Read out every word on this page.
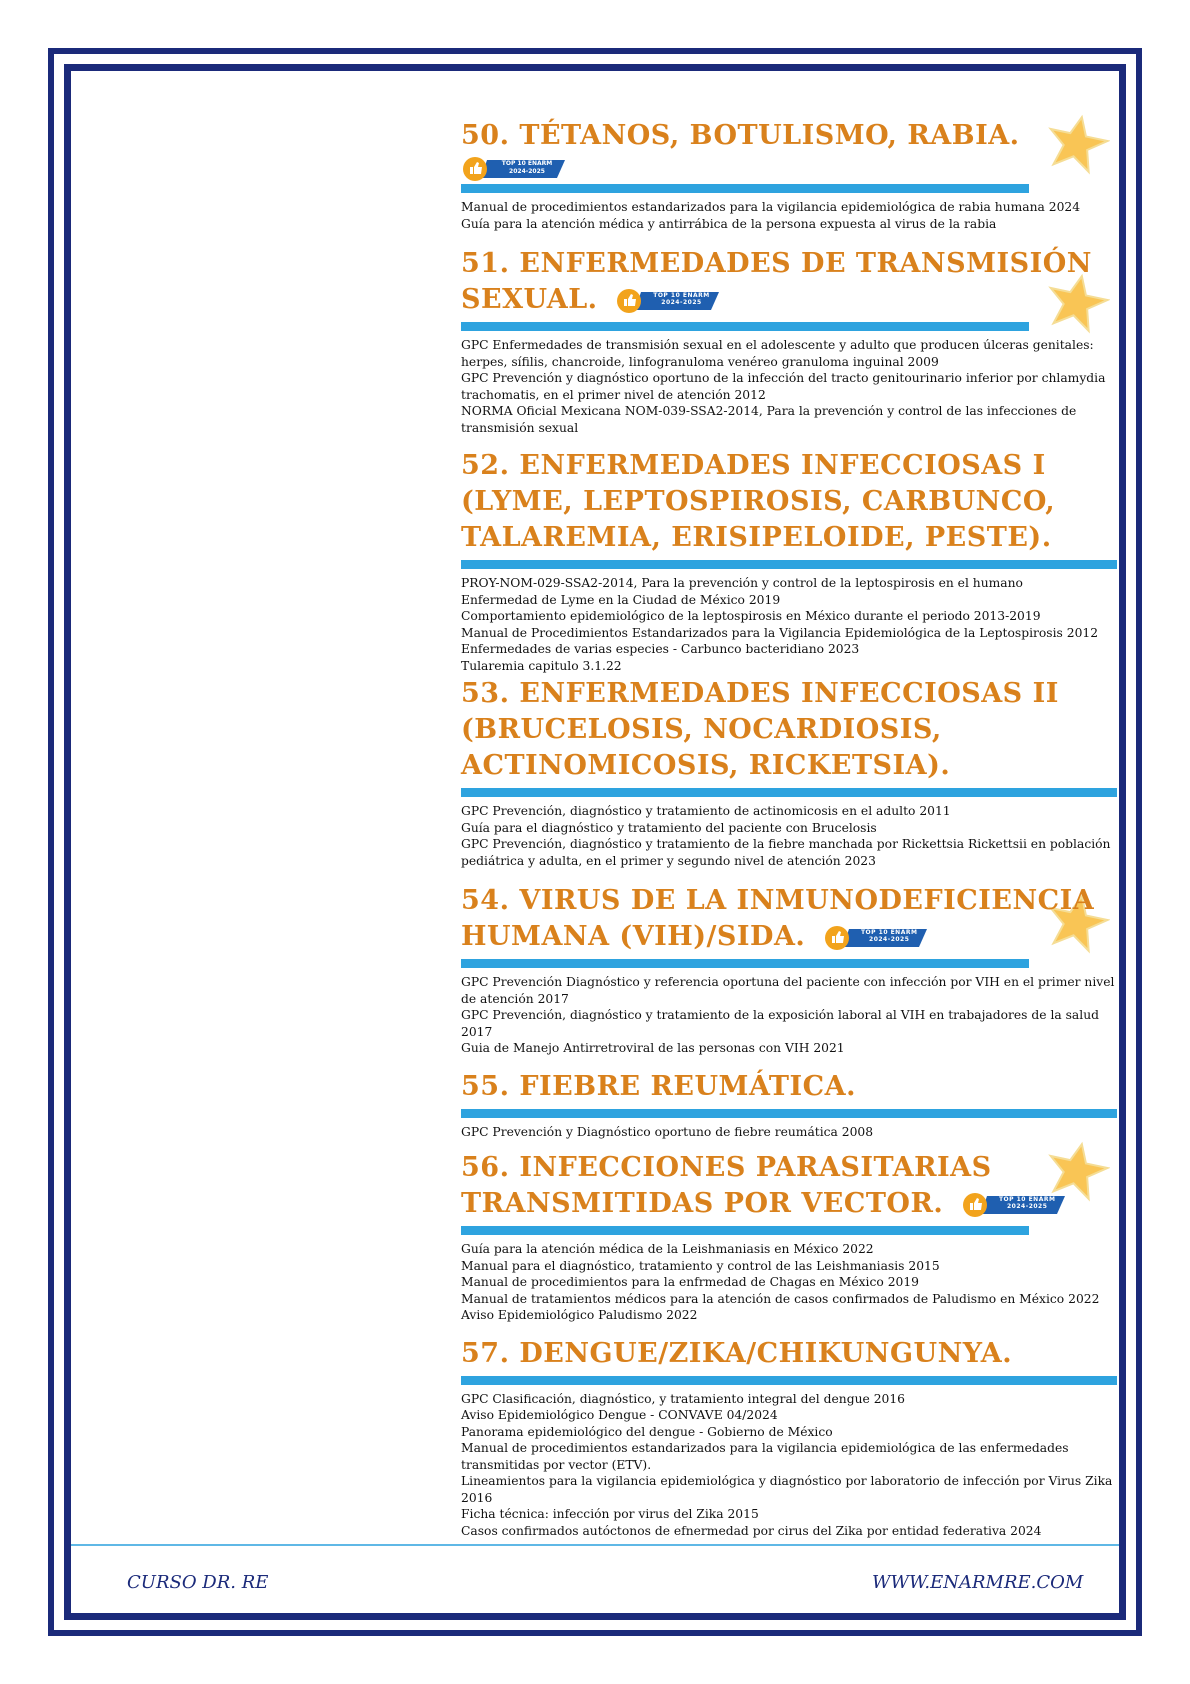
50. TÉTANOS, BOTULISMO, RABIA.
TOP 10 ENARM
2024-2025
Manual de procedimientos estandarizados para la vigilancia epidemiológica de rabia humana 2024
Guía para la atención médica y antirrábica de la persona expuesta al virus de la rabia
51. ENFERMEDADES DE TRANSMISIÓN
SEXUAL.	TOP 10 ENARM
2024-2025
GPC Enfermedades de transmisión sexual en el adolescente y adulto que producen úlceras genitales: herpes, sífilis, chancroide, linfogranuloma venéreo granuloma inguinal 2009
GPC Prevención y diagnóstico oportuno de la infección del tracto genitourinario inferior por chlamydia trachomatis, en el primer nivel de atención 2012
NORMA Oficial Mexicana NOM-039-SSA2-2014, Para la prevención y control de las infecciones de transmisión sexual
52. ENFERMEDADES INFECCIOSAS I (LYME, LEPTOSPIROSIS, CARBUNCO, TALAREMIA, ERISIPELOIDE, PESTE).
PROY-NOM-029-SSA2-2014, Para la prevención y control de la leptospirosis en el humano
Enfermedad de Lyme en la Ciudad de México 2019
Comportamiento epidemiológico de la leptospirosis en México durante el periodo 2013-2019
Manual de Procedimientos Estandarizados para la Vigilancia Epidemiológica de la Leptospirosis 2012
Enfermedades de varias especies - Carbunco bacteridiano 2023
Tularemia capitulo 3.1.22
53. ENFERMEDADES INFECCIOSAS II (BRUCELOSIS, NOCARDIOSIS, ACTINOMICOSIS, RICKETSIA).
GPC Prevención, diagnóstico y tratamiento de actinomicosis en el adulto 2011
Guía para el diagnóstico y tratamiento del paciente con Brucelosis
GPC Prevención, diagnóstico y tratamiento de la fiebre manchada por Rickettsia Rickettsii en población pediátrica y adulta, en el primer y segundo nivel de atención 2023
54. VIRUS DE LA INMUNODEFICIENCIA
HUMANA (VIH)/SIDA.	TOP 10 ENARM
2024-2025
GPC Prevención Diagnóstico y referencia oportuna del paciente con infección por VIH en el primer nivel de atención 2017
GPC Prevención, diagnóstico y tratamiento de la exposición laboral al VIH en trabajadores de la salud 2017
Guia de Manejo Antirretroviral de las personas con VIH 2021
55. FIEBRE REUMÁTICA.
GPC Prevención y Diagnóstico oportuno de fiebre reumática 2008
56. INFECCIONES PARASITARIAS
TRANSMITIDAS POR VECTOR.	TOP 10 ENARM
2024-2025
Guía para la atención médica de la Leishmaniasis en México 2022
Manual para el diagnóstico, tratamiento y control de las Leishmaniasis 2015
Manual de procedimientos para la enfrmedad de Chagas en México 2019
Manual de tratamientos médicos para la atención de casos confirmados de Paludismo en México 2022
Aviso Epidemiológico Paludismo 2022
57. DENGUE/ZIKA/CHIKUNGUNYA.
GPC Clasificación, diagnóstico, y tratamiento integral del dengue 2016
Aviso Epidemiológico Dengue - CONVAVE 04/2024
Panorama epidemiológico del dengue - Gobierno de México
Manual de procedimientos estandarizados para la vigilancia epidemiológica de las enfermedades transmitidas por vector (ETV).
Lineamientos para la vigilancia epidemiológica y diagnóstico por laboratorio de infección por Virus Zika 2016
Ficha técnica: infección por virus del Zika 2015
Casos confirmados autóctonos de efnermedad por cirus del Zika por entidad federativa 2024
CURSO DR. RE	WWW.ENARMRE.COM
